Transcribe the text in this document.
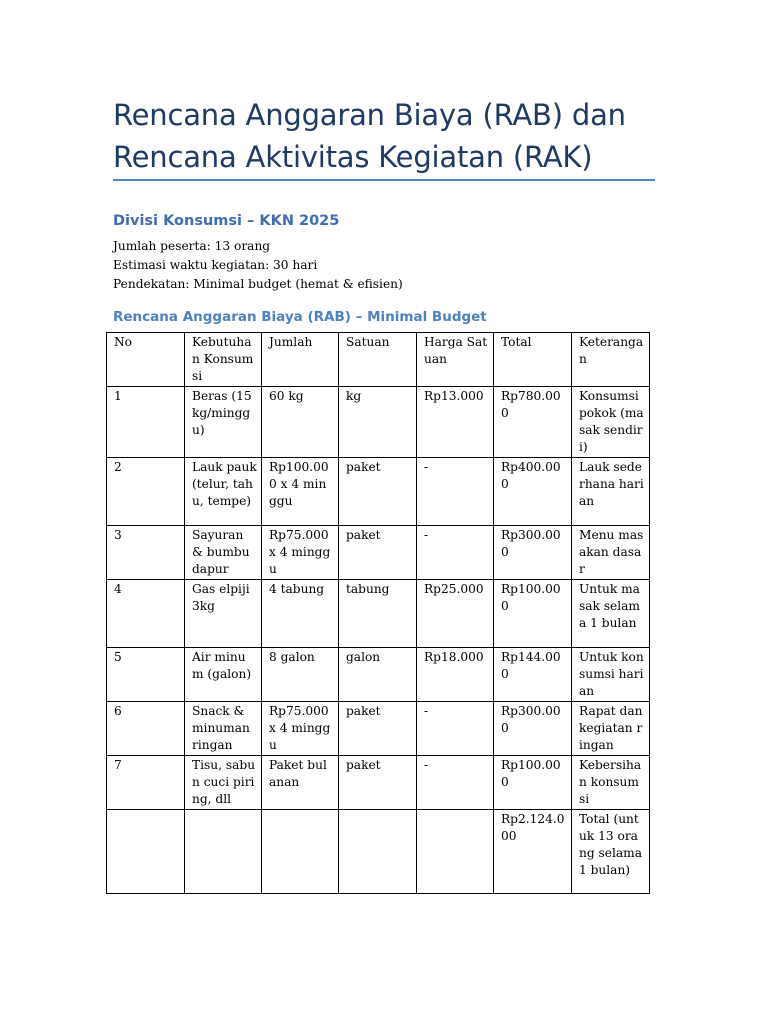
Rencana Anggaran Biaya (RAB) dan
Rencana Aktivitas Kegiatan (RAK)
Divisi Konsumsi – KKN 2025
Jumlah peserta: 13 orang
Estimasi waktu kegiatan: 30 hari
Pendekatan: Minimal budget (hemat & efisien)
Rencana Anggaran Biaya (RAB) – Minimal Budget
No	Kebutuhan Konsumsi	Jumlah	Satuan	Harga Satuan	Total	Keterangan
1	Beras (15 kg/minggu)	60 kg	kg	Rp13.000	Rp780.000	Konsumsi pokok (masak sendiri)
2	Lauk pauk (telur, tahu, tempe)	Rp100.000 x 4 minggu	paket	-	Rp400.000	Lauk sederhana harian
3	Sayuran & bumbu dapur	Rp75.000 x 4 minggu	paket	-	Rp300.000	Menu masakan dasar
4	Gas elpiji 3kg	4 tabung	tabung	Rp25.000	Rp100.000	Untuk masak selama 1 bulan
5	Air minum (galon)	8 galon	galon	Rp18.000	Rp144.000	Untuk konsumsi harian
6	Snack & minuman ringan	Rp75.000 x 4 minggu	paket	-	Rp300.000	Rapat dan kegiatan ringan
7	Tisu, sabun cuci piring, dll	Paket bulanan	paket	-	Rp100.000	Kebersihan konsumsi
					Rp2.124.000	Total (untuk 13 orang selama 1 bulan)
